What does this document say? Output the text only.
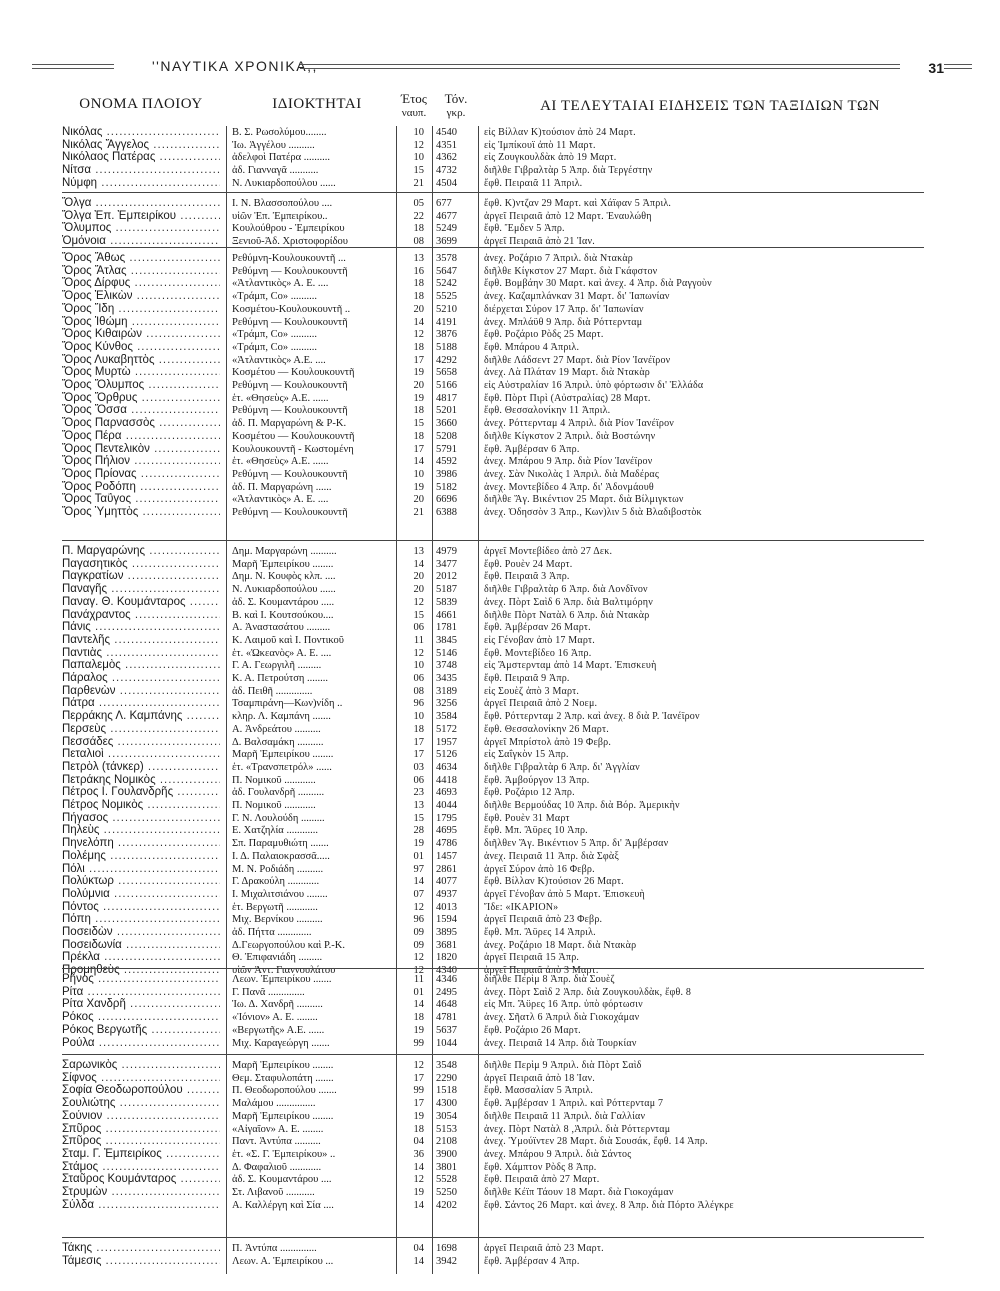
''ΝΑΥΤΙΚΑ ΧΡΟΝΙΚΑ,,	31
ΟΝΟΜΑ ΠΛΟΙΟΥ	ΙΔΙΟΚΤΗΤΑΙ	Έτος
ναυπ.
Τόν.
γκρ.	ΑΙ ΤΕΛΕΥΤΑΙΑΙ ΕΙΔΗΣΕΙΣ ΤΩΝ ΤΑΞΙΔΙΩΝ ΤΩΝ
Νικόλας .....	Β. Σ. Ρωσολύμου........	10 4540	εἰς Βίλλαν Κ)τούσιον ἀπὸ 24 Μαρτ.
Νικόλας Ἄγγελος .....	Ἰω. Ἀγγέλου ..........	12 4351	εἰς Ἰμπίκουϊ ἀπὸ 11 Μαρτ.
Νικόλαος Πατέρας .....	ἀδελφοὶ Πατέρα ..........	10 4362	εἰς Ζουγκουλδὰκ ἀπὸ 19 Μαρτ.
Νίτσα .....	ἀδ. Γιανναγᾶ ...........	15 4732	διῆλθε Γιβραλτὰρ 5 Ἀπρ. διὰ Τεργέστην
Νύμφη .....	Ν. Λυκιαρδοπούλου ......	21 4504	ἔφθ. Πειραιᾶ 11 Ἀπριλ.
Ὄλγα .....	Ι. Ν. Βλασσοπούλου ....	05 677	ἔφθ. Κ)ντζαν 29 Μαρτ. καὶ Χάϊφαν 5 Ἀπριλ.
Ὄλγα Ἐπ. Ἐμπειρίκου .....	υἱῶν Ἐπ. Ἐμπειρίκου..	22 4677	ἀργεῖ Πειραιᾶ ἀπὸ 12 Μαρτ. Ἐναυλώθη
Ὄλυμπος .....	Κουλούθρου - Ἐμπειρίκου	18 5249	ἔφθ. Ἔμδεν 5 Ἀπρ.
Ὁμόνοια .....	Ξενιοῦ-Ἀδ. Χριστοφορίδου	08 3699	ἀργεῖ Πειραιᾶ ἀπὸ 21 Ἰαν.
Ὄρος Ἄθως .....	Ρεθύμνη-Κουλουκουντῆ ...	13 3578	ἀνεχ. Ροζάριο 7 Ἀπριλ. διὰ Ντακὰρ
Ὄρος Ἄτλας .....	Ρεθύμνη — Κουλουκουντῆ	16 5647	διῆλθε Κίγκστον 27 Μαρτ. διὰ Γκάφστον
Ὄρος Δίρφυς .....	«Ἀτλαντικὸς» Α. Ε. ....	18 5242	ἔφθ. Βομβάην 30 Μαρτ. καὶ ἀνεχ. 4 Ἀπρ. διὰ Ραγγοὺν
Ὄρος Ἑλικὼν .....	«Τράμπ, Co» ..........	18 5525	ἀνεχ. Καζαμπλάνκαν 31 Μαρτ. δι' Ἰαπωνίαν
Ὄρος Ἴδη .....	Κοσμέτου-Κουλουκουντῆ ..	20 5210	διέρχεται Σύρον 17 Ἀπρ. δι' Ἰαπωνίαν
Ὄρος Ἰθώμη .....	Ρεθύμνη — Κουλουκουντῆ	14 4191	ἀνεχ. Μπλάϋθ 9 Ἀπρ. διὰ Ρόττερνταμ
Ὄρος Κιθαιρὼν .....	«Τράμπ, Co» ..........	12 3876	ἔφθ. Ροζάριο Ρὸδς 25 Μαρτ.
Ὄρος Κύνθος .....	«Τράμπ, Co» ..........	18 5188	ἔφθ. Μπάρου 4 Ἀπριλ.
Ὄρος Λυκαβηττὸς .....	«Ἀτλαντικὸς» Α.Ε. ....	17 4292	διῆλθε Λάδσεντ 27 Μαρτ. διὰ Ρίον Ἰανέϊρον
Ὄρος Μυρτὼ .....	Κοσμέτου — Κουλουκουντῆ	19 5658	ἀνεχ. Λὰ Πλάταν 19 Μαρτ. διὰ Ντακὰρ
Ὄρος Ὄλυμπος .....	Ρεθύμνη — Κουλουκουντῆ	20 5166	εἰς Αὐστραλίαν 16 Ἀπριλ. ὑπὸ φόρτωσιν δι' Ἑλλάδα
Ὄρος Ὄρθρυς .....	ἑτ. «Θησεὺς» Α.Ε. ......	19 4817	ἔφθ. Πὸρτ Πιρὶ (Αὐστραλίας) 28 Μαρτ.
Ὄρος Ὄσσα .....	Ρεθύμνη — Κουλουκουντῆ	18 5201	ἔφθ. Θεσσαλονίκην 11 Ἀπριλ.
Ὄρος Παρνασσὸς .....	ἀδ. Π. Μαργαρώνη & Ρ-Κ.	15 3660	ἀνεχ. Ρόττερνταμ 4 Ἀπριλ. διὰ Ρίον Ἰανέϊρον
Ὄρος Πέρα .....	Κοσμέτου — Κουλουκουντῆ	18 5208	διῆλθε Κίγκστον 2 Ἀπριλ. διὰ Βοστώνην
Ὄρος Πεντελικὸν .....	Κουλουκουντῆ - Κωστομένη	17 5791	ἔφθ. Ἀμβέρσαν 6 Ἀπρ.
Ὄρος Πήλιον .....	ἑτ. «Θησεὺς» Α.Ε. ......	14 4592	ἀνεχ. Μπάρου 9 Ἀπρ. διὰ Ρίον Ἰανέϊρον
Ὄρος Πρίονας .....	Ρεθύμνη — Κουλουκουντῆ	10 3986	ἀνεχ. Σὰν Νικολὰς 1 Ἀπριλ. διὰ Μαδέρας
Ὄρος Ροδόπη .....	ἀδ. Π. Μαργαρώνη ......	19 5182	ἀνεχ. Μοντεβίδεο 4 Ἀπρ. δι' Ἀδονμάουθ
Ὄρος Ταΰγος .....	«Ἀτλαντικὸς» Α. Ε. ....	20 6696	διῆλθε Ἅγ. Βικέντιον 25 Μαρτ. διὰ Βίλμιγκτων
Ὄρος Ὑμηττὸς .....	Ρεθύμνη — Κουλουκουντῆ	21 6388	ἀνεχ. Ὀδησσὸν 3 Ἀπρ., Κων)λιν 5 διὰ Βλαδιβοστὸκ
Π. Μαργαρώνης .....	Δημ. Μαργαρώνη ..........	13 4979	ἀργεῖ Μοντεβίδεο ἀπὸ 27 Δεκ.
Παγασητικὸς .....	Μαρῆ Ἐμπειρίκου ........	14 3477	ἔφθ. Ρουὲν 24 Μαρτ.
Παγκρατίων .....	Δημ. Ν. Κουφὸς κλπ. ....	20 2012	ἔφθ. Πειραιᾶ 3 Ἀπρ.
Παναγῆς .....	Ν. Λυκιαρδοπούλου ......	20 5187	διῆλθε Γιβραλτὰρ 6 Ἀπρ. διὰ Λονδῖνον
Παναγ. Θ. Κουμάνταρος .....	ἀδ. Σ. Κουμαντάρου .....	12 5839	ἀνεχ. Πὸρτ Σαὶδ 6 Ἀπρ. διὰ Βαλτιμόρην
Πανάχραντος .....	Β. καὶ Ι. Κουτσούκου....	15 4661	διῆλθε Πὸρτ Νατὰλ 6 Ἀπρ. διὰ Ντακὰρ
Πάνις .....	Α. Ἀναστασάτου .........	06 1781	ἔφθ. Ἀμβέρσαν 26 Μαρτ.
Παντελῆς .....	Κ. Λαιμοῦ καὶ Ι. Ποντικοῦ	11 3845	εἰς Γένοβαν ἀπὸ 17 Μαρτ.
Παντιὰς .....	ἑτ. «Ὠκεανὸς» Α. Ε. ....	12 5146	ἔφθ. Μοντεβίδεο 16 Ἀπρ.
Παπαλεμὸς .....	Γ. Α. Γεωργιλῆ .........	10 3748	εἰς Ἄμστερνταμ ἀπὸ 14 Μαρτ. Ἐπισκευὴ
Πάραλος .....	Κ. Α. Πετρούτση ........	06 3435	ἔφθ. Πειραιᾶ 9 Ἀπρ.
Παρθενὼν .....	ἀδ. Πειθῆ ..............	08 3189	εἰς Σουὲζ ἀπὸ 3 Μαρτ.
Πάτρα .....	Τσαμπιράνη—Κων)νίδη ..	96 3256	ἀργεῖ Πειραιᾶ ἀπὸ 2 Νοεμ.
Περράκης Λ. Καμπάνης .....	κληρ. Λ. Καμπάνη .......	10 3584	ἔφθ. Ρόττερνταμ 2 Ἀπρ. καὶ ἀνεχ. 8 διὰ Ρ. Ἰανέϊρον
Περσεὺς .....	Α. Ἀνδρεάτου ..........	18 5172	ἔφθ. Θεσσαλονίκην 26 Μαρτ.
Πεσσάδες .....	Δ. Βαλσαμάκη ..........	17 1957	ἀργεῖ Μπρίστολ ἀπὸ 19 Φεβρ.
Πεταλιοὶ .....	Μαρῆ Ἐμπειρίκου ........	17 5126	εἰς Σαΐγκὸν 15 Ἀπρ.
Πετρὸλ (τάνκερ) .....	ἑτ. «Τρανσπετρόλ» ......	03 4634	διῆλθε Γιβραλτὰρ 6 Ἀπρ. δι' Ἀγγλίαν
Πετράκης Νομικὸς .....	Π. Νομικοῦ ............	06 4418	ἔφθ. Ἀμβούργον 13 Ἀπρ.
Πέτρος Ι. Γουλανδρῆς .....	ἀδ. Γουλανδρῆ ..........	23 4693	ἔφθ. Ροζάριο 12 Ἀπρ.
Πέτρος Νομικὸς .....	Π. Νομικοῦ ............	13 4044	διῆλθε Βερμούδας 10 Ἀπρ. διὰ Βόρ. Ἀμερικὴν
Πήγασος .....	Γ. Ν. Λουλούδη .........	15 1795	ἔφθ. Ρουὲν 31 Μαρτ
Πηλεὺς .....	Ε. Χατζηλία ............	28 4695	ἔφθ. Μπ. Ἄϋρες 10 Ἀπρ.
Πηνελόπη .....	Σπ. Παραμυθιώτη .......	19 4786	διῆλθεν Ἅγ. Βικέντιον 5 Ἀπρ. δι' Ἀμβέρσαν
Πολέμης .....	Ι. Δ. Παλαιοκρασσᾶ.....	01 1457	ἀνεχ. Πειραιᾶ 11 Ἀπρ. διὰ Σφὰξ
Πόλι .....	Μ. Ν. Ροδιάδη ..........	97 2861	ἀργεῖ Σύρον ἀπὸ 16 Φεβρ.
Πολύκτωρ .....	Γ. Δρακούλη ............	14 4077	ἔφθ. Βίλλαν Κ)τούσιον 26 Μαρτ.
Πολύμνια .....	Ι. Μιχαλιτσιάνου ........	07 4937	ἀργεῖ Γένοβαν ἀπὸ 5 Μαρτ. Ἐπισκευὴ
Πόντος .....	ἑτ. Βεργωτῆ ............	12 4013	Ἴδε: «ΙΚΑΡΙΟΝ»
Πόπη .....	Μιχ. Βερνίκου ..........	96 1594	ἀργεῖ Πειραιᾶ ἀπὸ 23 Φεβρ.
Ποσειδὼν .....	ἀδ. Πήττα .............	09 3895	ἔφθ. Μπ. Ἄϋρες 14 Ἀπριλ.
Ποσειδωνία .....	Δ.Γεωργοπούλου καὶ Ρ.-Κ.	09 3681	ἀνεχ. Ροζάριο 18 Μαρτ. διὰ Ντακὰρ
Πρέκλα .....	Θ. Ἐπιφανιάδη .........	12 1820	ἀργεῖ Πειραιᾶ 15 Ἀπρ.
Προμηθεὺς .....	υἱῶν Ἀντ. Γιαννουλάτου	12 4340	ἀργεῖ Πειραιᾶ ἀπὸ 3 Μαρτ.
Ρῆνος .....	Λεων. Ἐμπειρίκου .......	11 4346	διῆλθε Περὶμ 8 Ἀπρ. διὰ Σουὲζ
Ρίτα .....	Γ. Πανᾶ ..............	01 2495	ἀνεχ. Πὸρτ Σαὶδ 2 Ἀπρ. διὰ Ζουγκουλδὰκ, ἔφθ. 8
Ρίτα Χανδρῆ .....	Ἰω. Δ. Χανδρῆ ..........	14 4648	εἰς Μπ. Ἄϋρες 16 Ἀπρ. ὑπὸ φόρτωσιν
Ρόκος .....	«Ἰόνιον» Α. Ε. ........	18 4781	ἀνεχ. Σῆατλ 6 Ἀπριλ διὰ Γιοκοχάμαν
Ρόκος Βεργωτῆς .....	«Βεργωτῆς» Α.Ε. ......	19 5637	ἔφθ. Ροζάριο 26 Μαρτ.
Ρούλα .....	Μιχ. Καραγεώργη .......	99 1044	ἀνεχ. Πειραιᾶ 14 Ἀπρ. διὰ Τουρκίαν
Σαρωνικὸς .....	Μαρῆ Ἐμπειρίκου ........	12 3548	διῆλθε Περὶμ 9 Ἀπριλ. διὰ Πὸρτ Σαὶδ
Σίφνος .....	Θεμ. Σταφυλοπάτη .......	17 2290	ἀργεῖ Πειραιᾶ ἀπὸ 18 Ἰαν.
Σοφία Θεοδωροπούλου .....	Π. Θεοδωροπούλου .......	99 1518	ἔφθ. Μασσαλίαν 5 Ἀπριλ.
Σουλιώτης .....	Μαλάμου ...............	17 4300	ἔφθ. Ἀμβέρσαν 1 Ἀπριλ. καὶ Ρόττερνταμ 7
Σούνιον .....	Μαρῆ Ἐμπειρίκου ........	19 3054	διῆλθε Πειραιᾶ 11 Ἀπριλ. διὰ Γαλλίαν
Σπῦρος .....	«Αἰγαῖον» Α. Ε. ........	18 5153	ἀνεχ. Πὸρτ Νατὰλ 8 ,Ἀπριλ. διὰ Ρόττερνταμ
Σπῦρος .....	Παντ. Ἀντύπα ..........	04 2108	ἀνεχ. Ὑμούϊντεν 28 Μαρτ. διὰ Σουσάκ, ἔφθ. 14 Ἀπρ.
Σταμ. Γ. Ἐμπειρίκος .....	ἑτ. «Σ. Γ. Ἐμπειρίκου» ..	36 3900	ἀνεχ. Μπάρου 9 Ἀπριλ. διὰ Σάντος
Στάμος .....	Δ. Φαφαλιοῦ ............	14 3801	ἔφθ. Χάμπτον Ρὸδς 8 Ἀπρ.
Σταῦρος Κουμάνταρος .....	ἀδ. Σ. Κουμαντάρου ....	12 5528	ἔφθ. Πειραιᾶ ἀπὸ 27 Μαρτ.
Στρυμὼν .....	Στ. Λιβανοῦ ...........	19 5250	διῆλθε Κέϊπ Τάουν 18 Μαρτ. διὰ Γιοκοχάμαν
Σύλδα .....	Α. Καλλέργη καὶ Σία ....	14 4202	ἔφθ. Σάντος 26 Μαρτ. καὶ ἀνεχ. 8 Ἀπρ. διὰ Πόρτο Ἀλέγκρε
Τάκης .....	Π. Ἀντύπα ..............	04 1698	ἀργεῖ Πειραιᾶ ἀπὸ 23 Μαρτ.
Τάμεσις .....	Λεων. Α. Ἐμπειρίκου ...	14 3942	ἔφθ. Ἀμβέρσαν 4 Ἀπρ.
